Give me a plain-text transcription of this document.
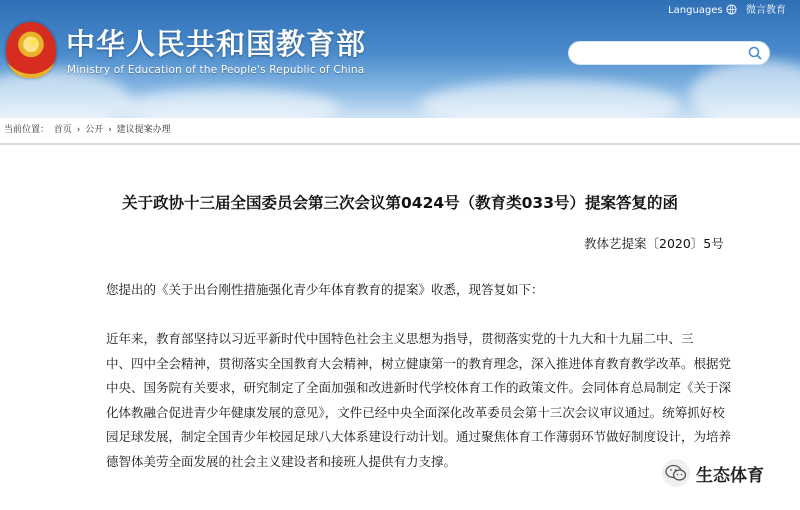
★ 中华人民共和国教育部
Ministry of Education of the People's Republic of China
Languages 微言教育
当前位置： 首页 › 公开 › 建议提案办理
关于政协十三届全国委员会第三次会议第0424号（教育类033号）提案答复的函
教体艺提案〔2020〕5号
您提出的《关于出台刚性措施强化青少年体育教育的提案》收悉，现答复如下：
近年来，教育部坚持以习近平新时代中国特色社会主义思想为指导，贯彻落实党的十九大和十九届二中、三
中、四中全会精神，贯彻落实全国教育大会精神，树立健康第一的教育理念，深入推进体育教育教学改革。根据党
中央、国务院有关要求，研究制定了全面加强和改进新时代学校体育工作的政策文件。会同体育总局制定《关于深
化体教融合促进青少年健康发展的意见》，文件已经中央全面深化改革委员会第十三次会议审议通过。统筹抓好校
园足球发展，制定全国青少年校园足球八大体系建设行动计划。通过聚焦体育工作薄弱环节做好制度设计，为培养
德智体美劳全面发展的社会主义建设者和接班人提供有力支撑。
生态体育
